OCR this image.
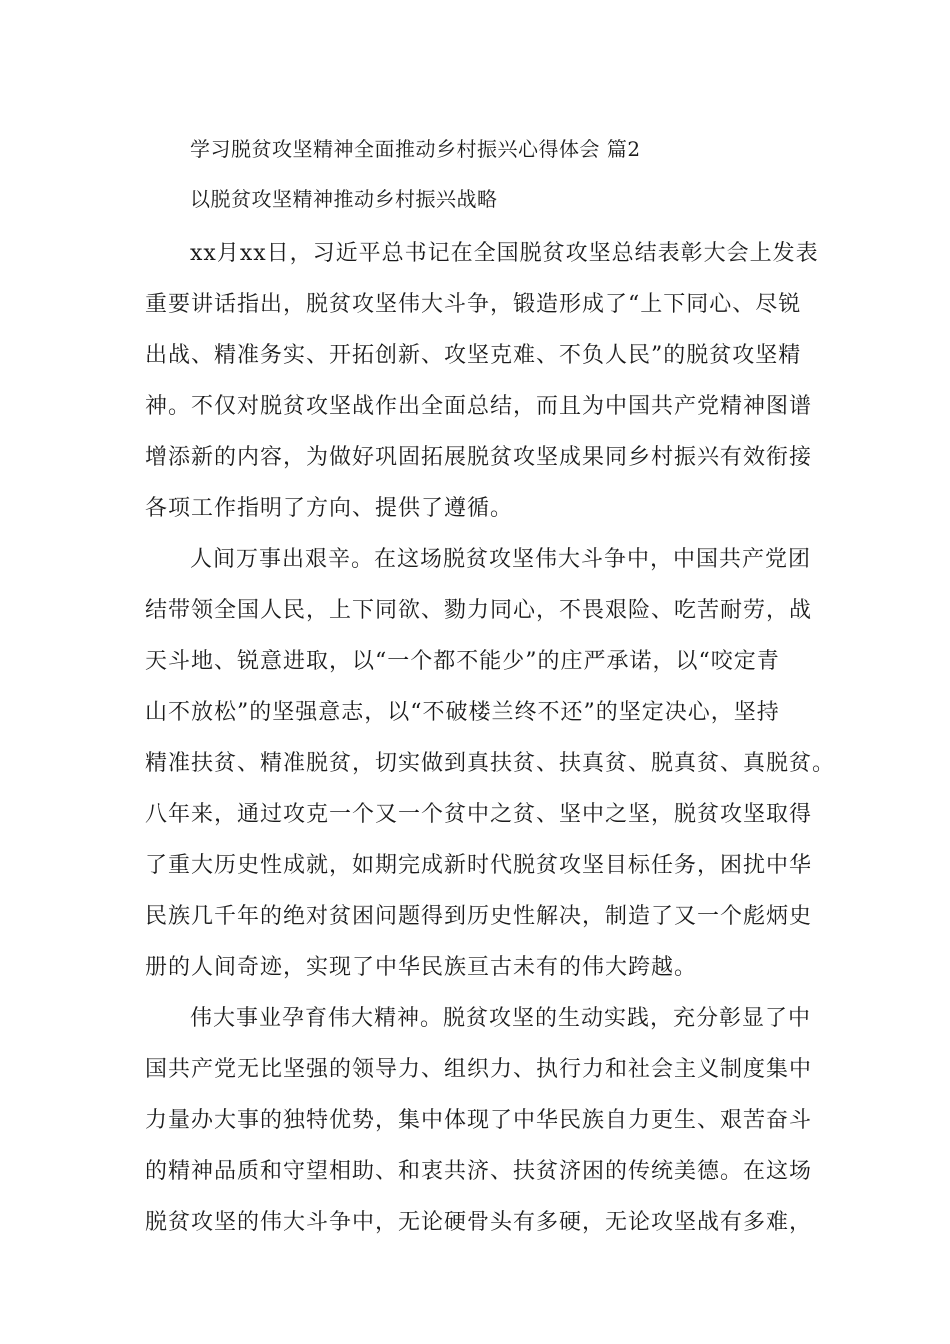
学习脱贫攻坚精神全面推动乡村振兴心得体会 篇2
以脱贫攻坚精神推动乡村振兴战略
xx月xx日，习近平总书记在全国脱贫攻坚总结表彰大会上发表
重要讲话指出，脱贫攻坚伟大斗争，锻造形成了“上下同心、尽锐
出战、精准务实、开拓创新、攻坚克难、不负人民”的脱贫攻坚精
神。不仅对脱贫攻坚战作出全面总结，而且为中国共产党精神图谱
增添新的内容，为做好巩固拓展脱贫攻坚成果同乡村振兴有效衔接
各项工作指明了方向、提供了遵循。
人间万事出艰辛。在这场脱贫攻坚伟大斗争中，中国共产党团
结带领全国人民，上下同欲、勠力同心，不畏艰险、吃苦耐劳，战
天斗地、锐意进取，以“一个都不能少”的庄严承诺，以“咬定青
山不放松”的坚强意志，以“不破楼兰终不还”的坚定决心，坚持
精准扶贫、精准脱贫，切实做到真扶贫、扶真贫、脱真贫、真脱贫。
八年来，通过攻克一个又一个贫中之贫、坚中之坚，脱贫攻坚取得
了重大历史性成就，如期完成新时代脱贫攻坚目标任务，困扰中华
民族几千年的绝对贫困问题得到历史性解决，制造了又一个彪炳史
册的人间奇迹，实现了中华民族亘古未有的伟大跨越。
伟大事业孕育伟大精神。脱贫攻坚的生动实践，充分彰显了中
国共产党无比坚强的领导力、组织力、执行力和社会主义制度集中
力量办大事的独特优势，集中体现了中华民族自力更生、艰苦奋斗
的精神品质和守望相助、和衷共济、扶贫济困的传统美德。在这场
脱贫攻坚的伟大斗争中，无论硬骨头有多硬，无论攻坚战有多难，
